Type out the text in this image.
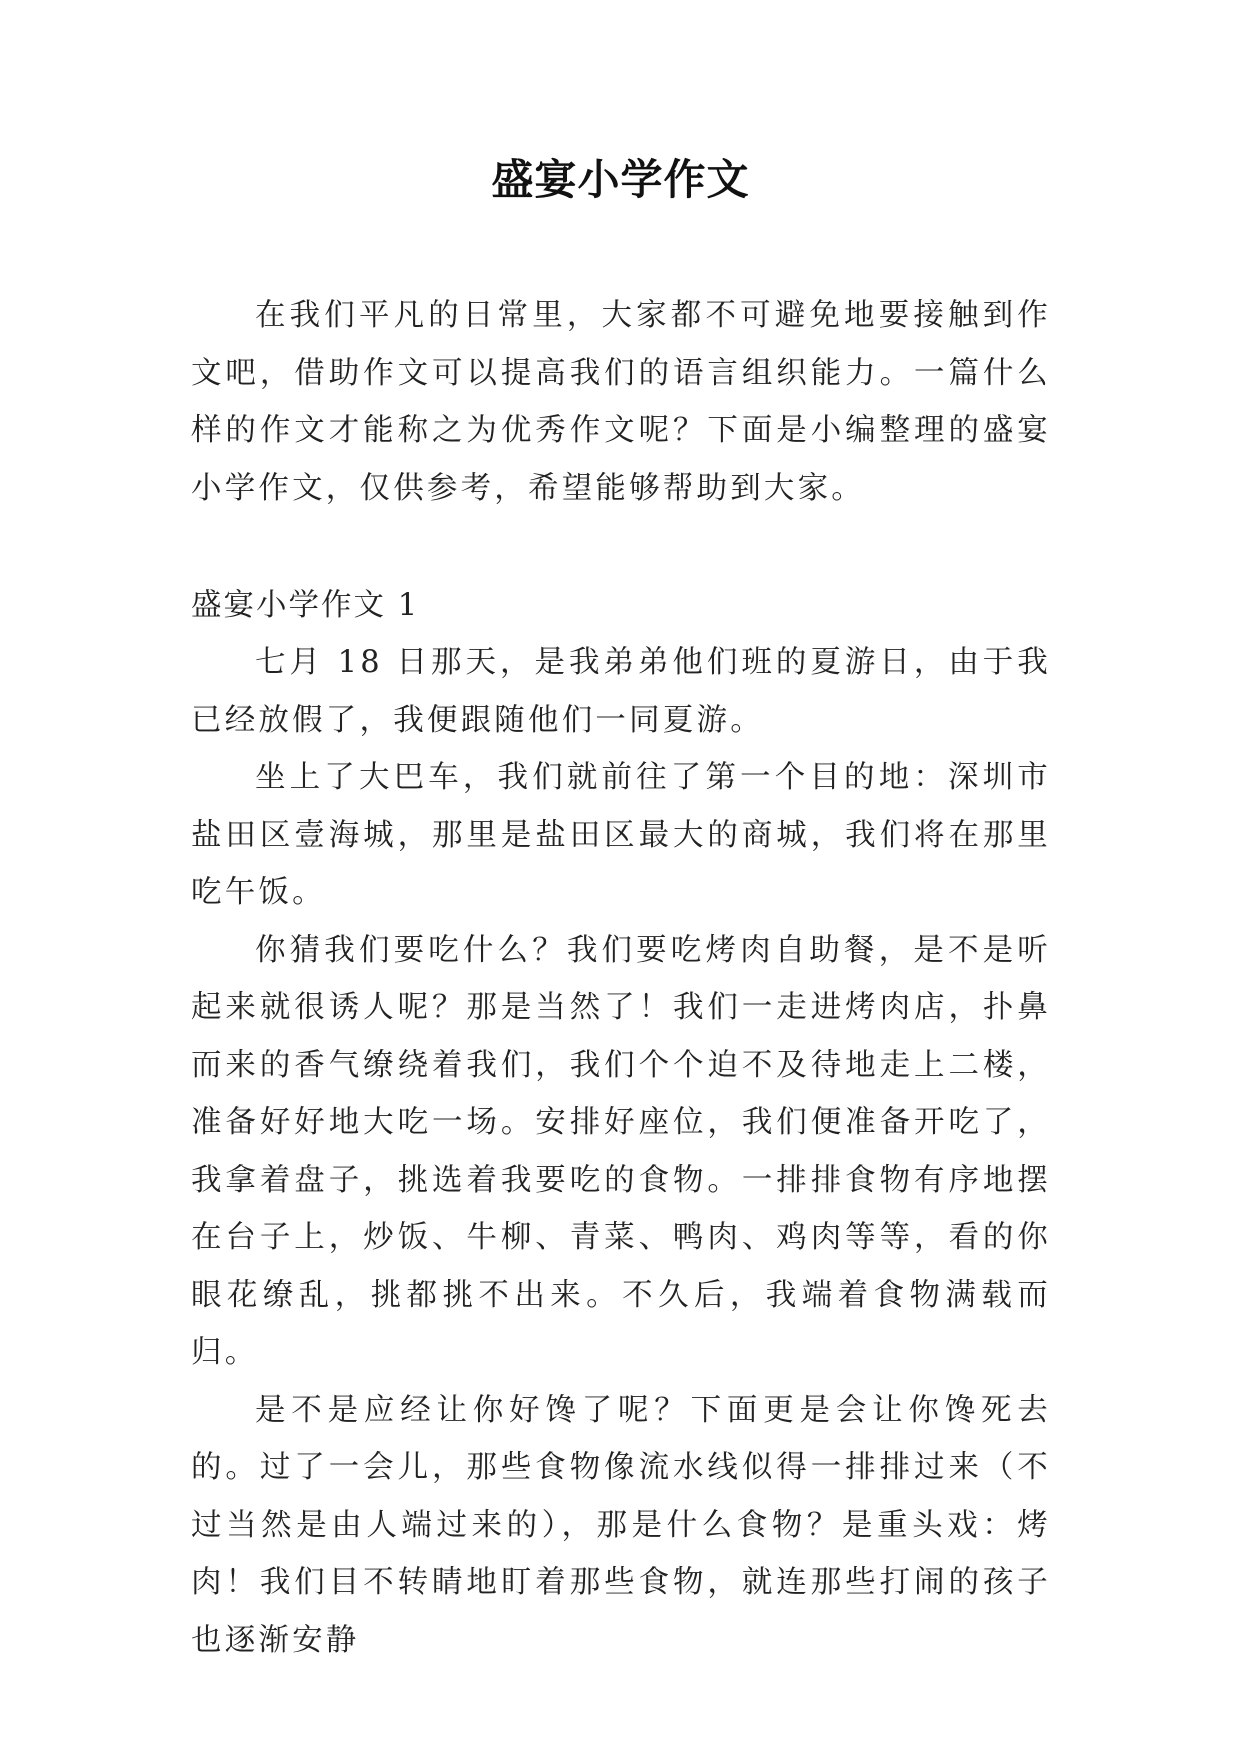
盛宴小学作文
在我们平凡的日常里，大家都不可避免地要接触到作文吧，借助作文可以提高我们的语言组织能力。一篇什么样的作文才能称之为优秀作文呢？下面是小编整理的盛宴小学作文，仅供参考，希望能够帮助到大家。
盛宴小学作文 1

七月 18 日那天，是我弟弟他们班的夏游日，由于我已经放假了，我便跟随他们一同夏游。

坐上了大巴车，我们就前往了第一个目的地：深圳市盐田区壹海城，那里是盐田区最大的商城，我们将在那里吃午饭。

你猜我们要吃什么？我们要吃烤肉自助餐，是不是听起来就很诱人呢？那是当然了！我们一走进烤肉店，扑鼻而来的香气缭绕着我们，我们个个迫不及待地走上二楼，准备好好地大吃一场。安排好座位，我们便准备开吃了，我拿着盘子，挑选着我要吃的食物。一排排食物有序地摆在台子上，炒饭、牛柳、青菜、鸭肉、鸡肉等等，看的你眼花缭乱，挑都挑不出来。不久后，我端着食物满载而归。

是不是应经让你好馋了呢？下面更是会让你馋死去的。过了一会儿，那些食物像流水线似得一排排过来（不过当然是由人端过来的），那是什么食物？是重头戏：烤肉！我们目不转睛地盯着那些食物，就连那些打闹的孩子也逐渐安静
